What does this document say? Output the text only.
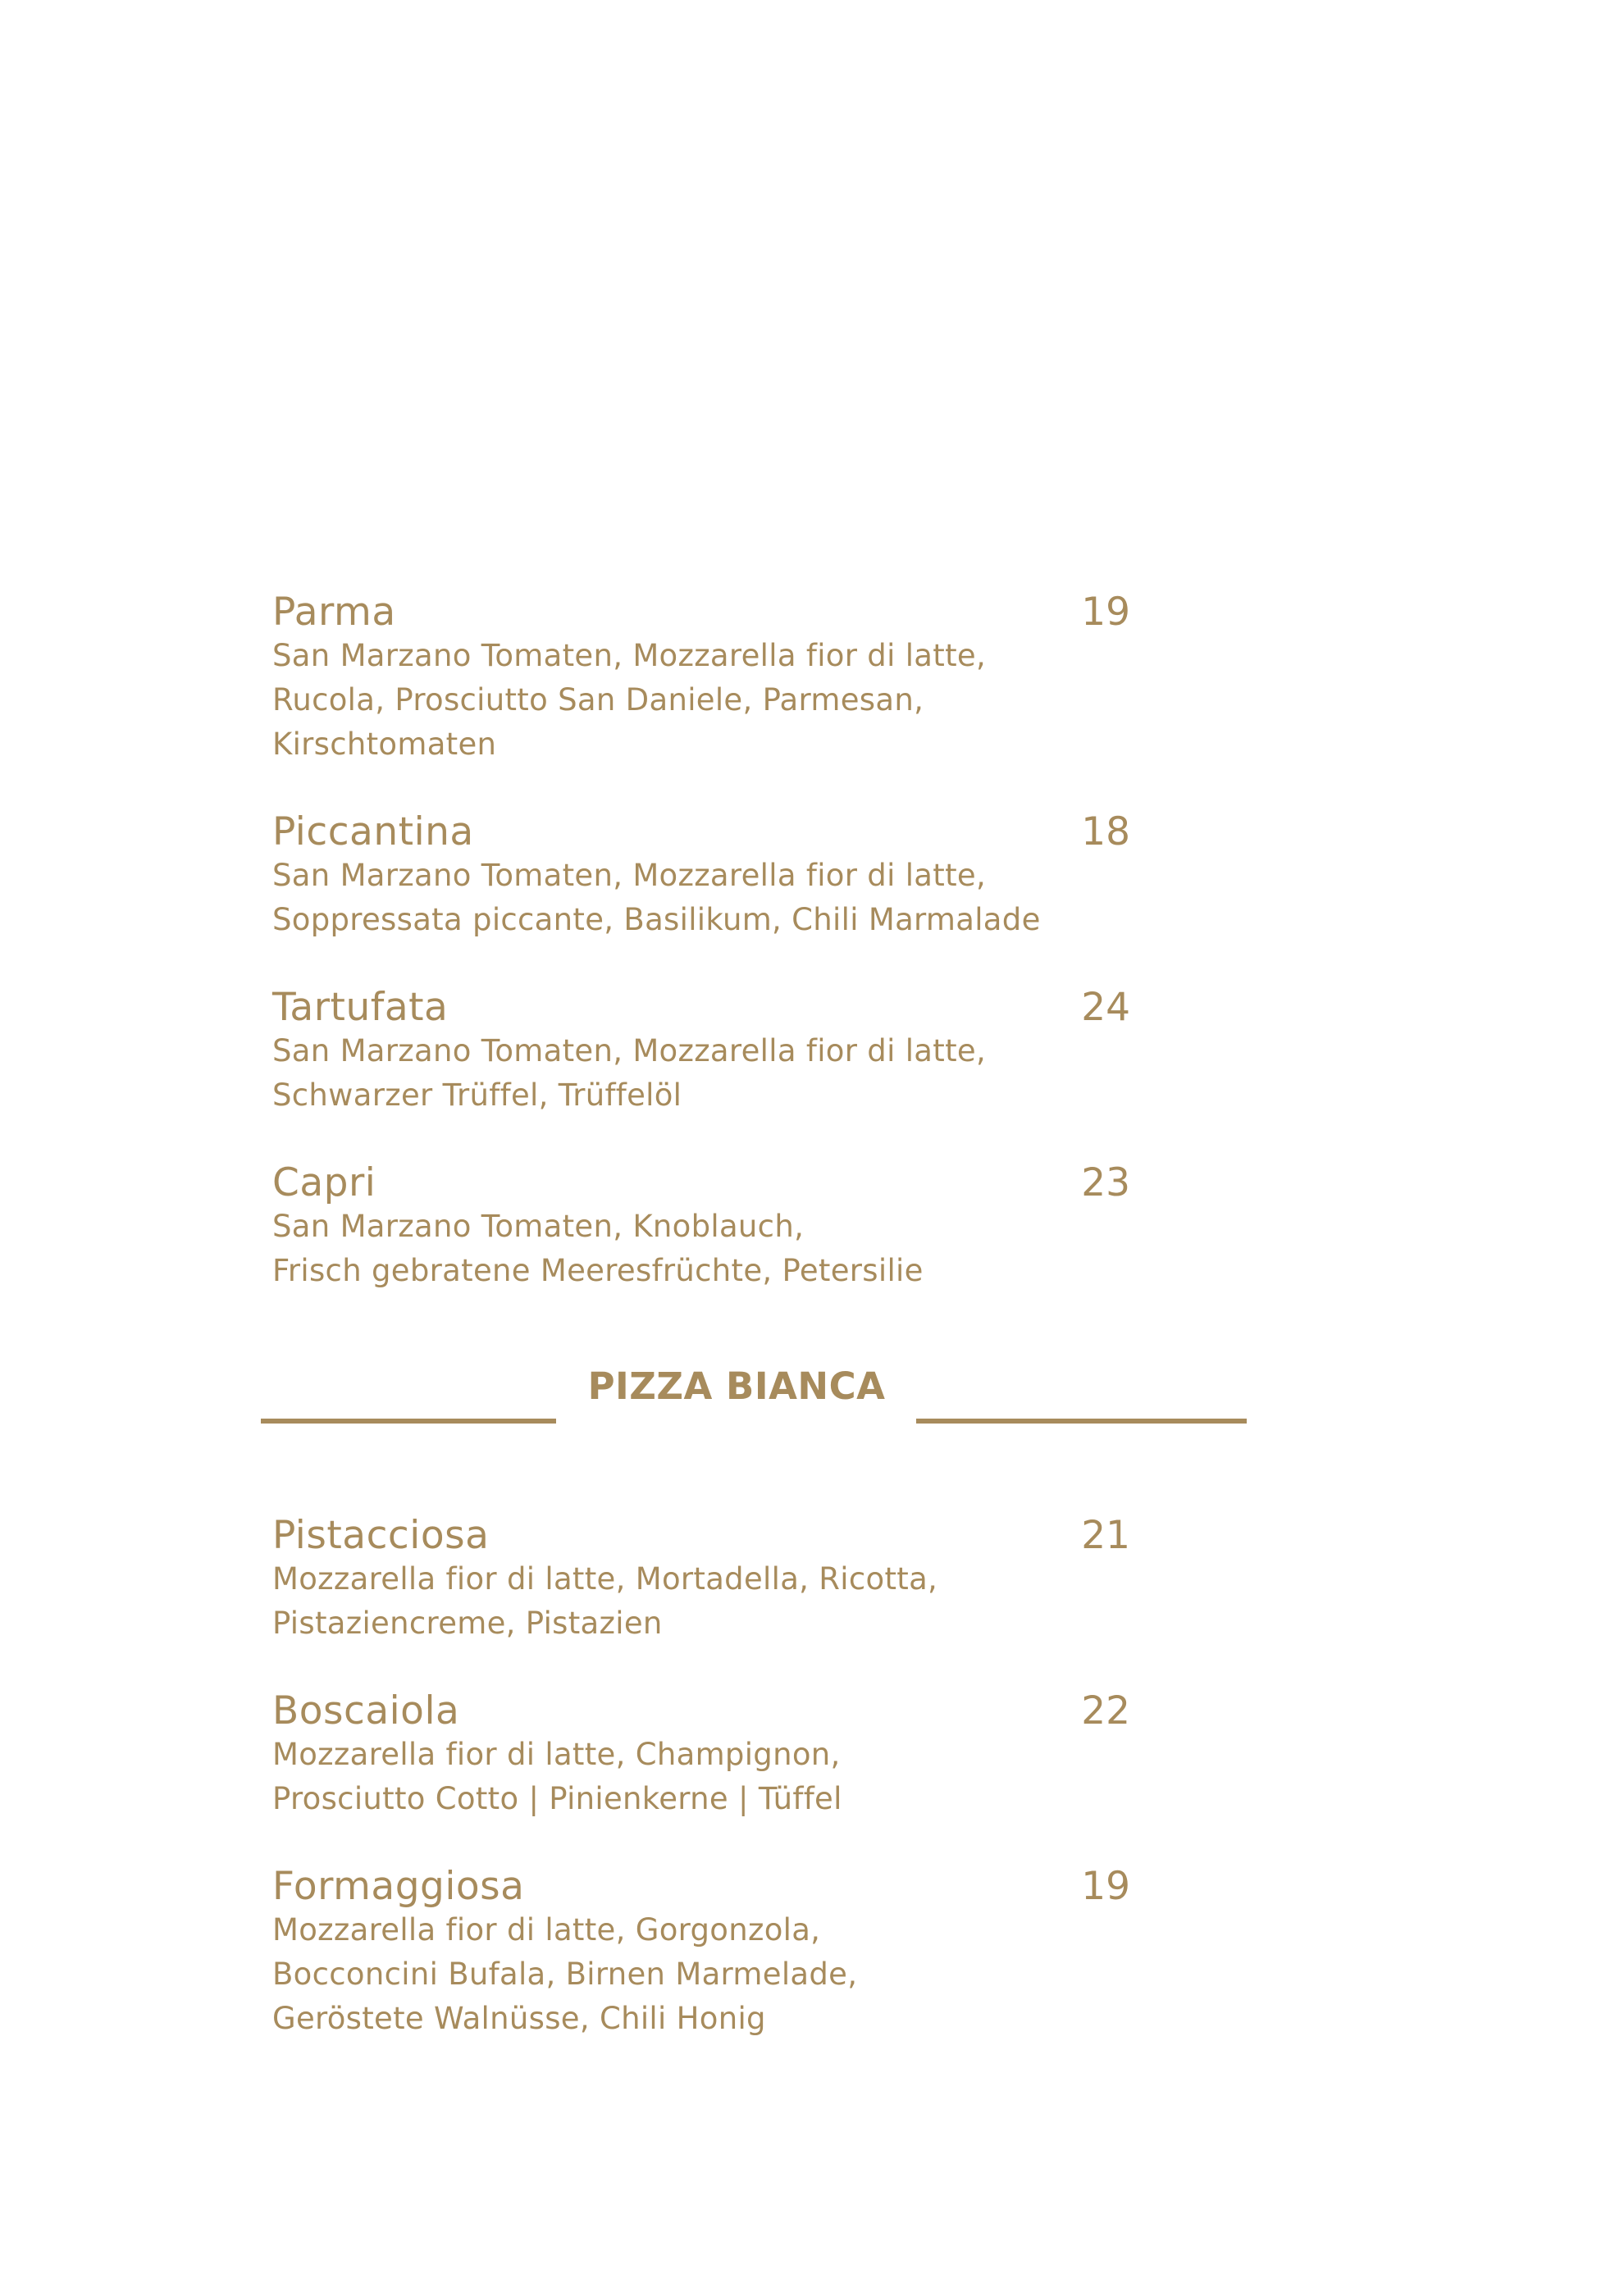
Parma	19
San Marzano Tomaten, Mozzarella fior di latte,
Rucola, Prosciutto San Daniele, Parmesan,
Kirschtomaten
Piccantina	18
San Marzano Tomaten, Mozzarella fior di latte,
Soppressata piccante, Basilikum, Chili Marmalade
Tartufata	24
San Marzano Tomaten, Mozzarella fior di latte,
Schwarzer Trüffel, Trüffelöl
Capri	23
San Marzano Tomaten, Knoblauch,
Frisch gebratene Meeresfrüchte, Petersilie
PIZZA BIANCA
Pistacciosa	21
Mozzarella fior di latte, Mortadella, Ricotta,
Pistaziencreme, Pistazien
Boscaiola	22
Mozzarella fior di latte, Champignon,
Prosciutto Cotto | Pinienkerne | Tüffel
Formaggiosa	19
Mozzarella fior di latte, Gorgonzola,
Bocconcini Bufala, Birnen Marmelade,
Geröstete Walnüsse, Chili Honig
